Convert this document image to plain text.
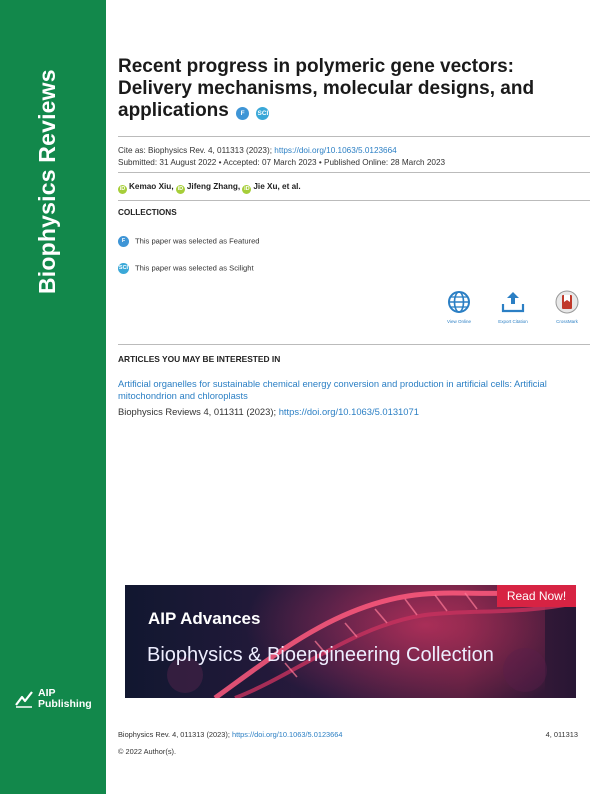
Biophysics Reviews
AIP
Publishing
Recent progress in polymeric gene vectors: Delivery mechanisms, molecular designs, and applications F SCI
Cite as: Biophysics Rev. 4, 011313 (2023); https://doi.org/10.1063/5.0123664
Submitted: 31 August 2022 • Accepted: 07 March 2023 • Published Online: 28 March 2023
iD Kemao Xiu, iD Jifeng Zhang, iD Jie Xu, et al.
COLLECTIONS
F This paper was selected as Featured
SCI This paper was selected as Scilight
View Online	Export Citation	CrossMark
ARTICLES YOU MAY BE INTERESTED IN
Artificial organelles for sustainable chemical energy conversion and production in artificial cells: Artificial mitochondrion and chloroplasts
Biophysics Reviews 4, 011311 (2023); https://doi.org/10.1063/5.0131071
Read Now!
AIP Advances
Biophysics & Bioengineering Collection
Biophysics Rev. 4, 011313 (2023); https://doi.org/10.1063/5.0123664	4, 011313
© 2022 Author(s).
